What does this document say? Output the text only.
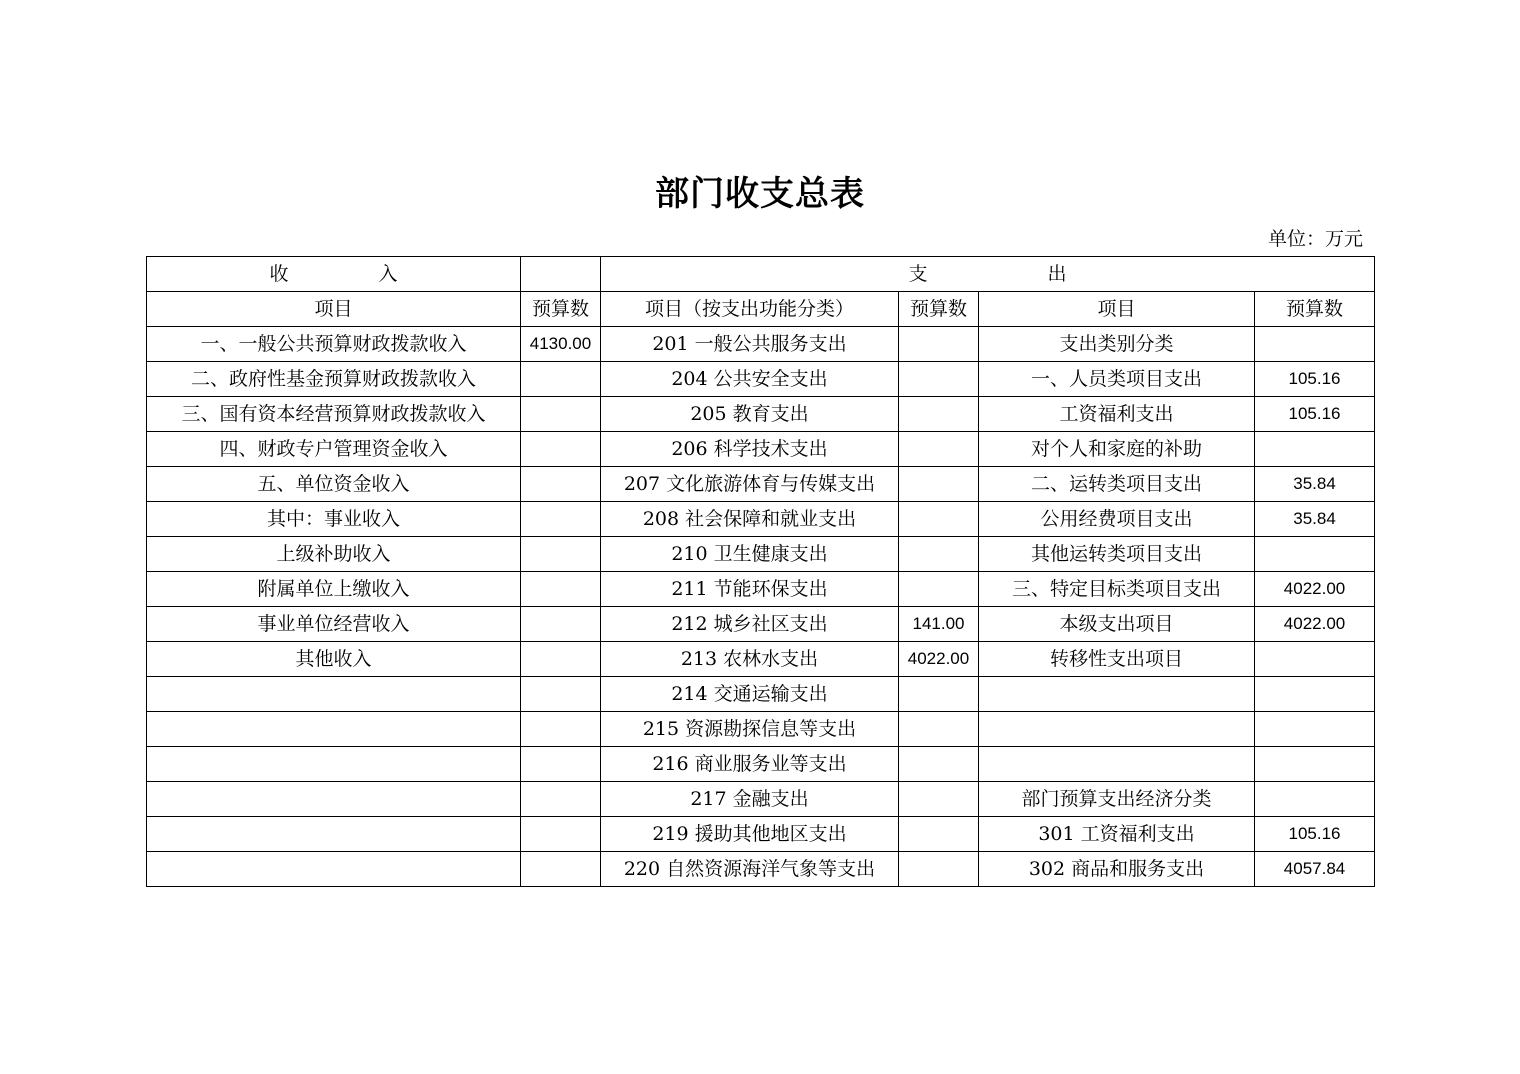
部门收支总表
单位：万元
收 入		支 出			
项目	预算数	项目（按支出功能分类）	预算数	项目	预算数
一、一般公共预算财政拨款收入	4130.00	201 一般公共服务支出		支出类别分类	
二、政府性基金预算财政拨款收入		204 公共安全支出		一、人员类项目支出	105.16
三、国有资本经营预算财政拨款收入		205 教育支出		工资福利支出	105.16
四、财政专户管理资金收入		206 科学技术支出		对个人和家庭的补助	
五、单位资金收入		207 文化旅游体育与传媒支出		二、运转类项目支出	35.84
其中：事业收入		208 社会保障和就业支出		公用经费项目支出	35.84
上级补助收入		210 卫生健康支出		其他运转类项目支出	
附属单位上缴收入		211 节能环保支出		三、特定目标类项目支出	4022.00
事业单位经营收入		212 城乡社区支出	141.00	本级支出项目	4022.00
其他收入		213 农林水支出	4022.00	转移性支出项目	
		214 交通运输支出			
		215 资源勘探信息等支出			
		216 商业服务业等支出			
		217 金融支出		部门预算支出经济分类	
		219 援助其他地区支出		301 工资福利支出	105.16
		220 自然资源海洋气象等支出		302 商品和服务支出	4057.84
